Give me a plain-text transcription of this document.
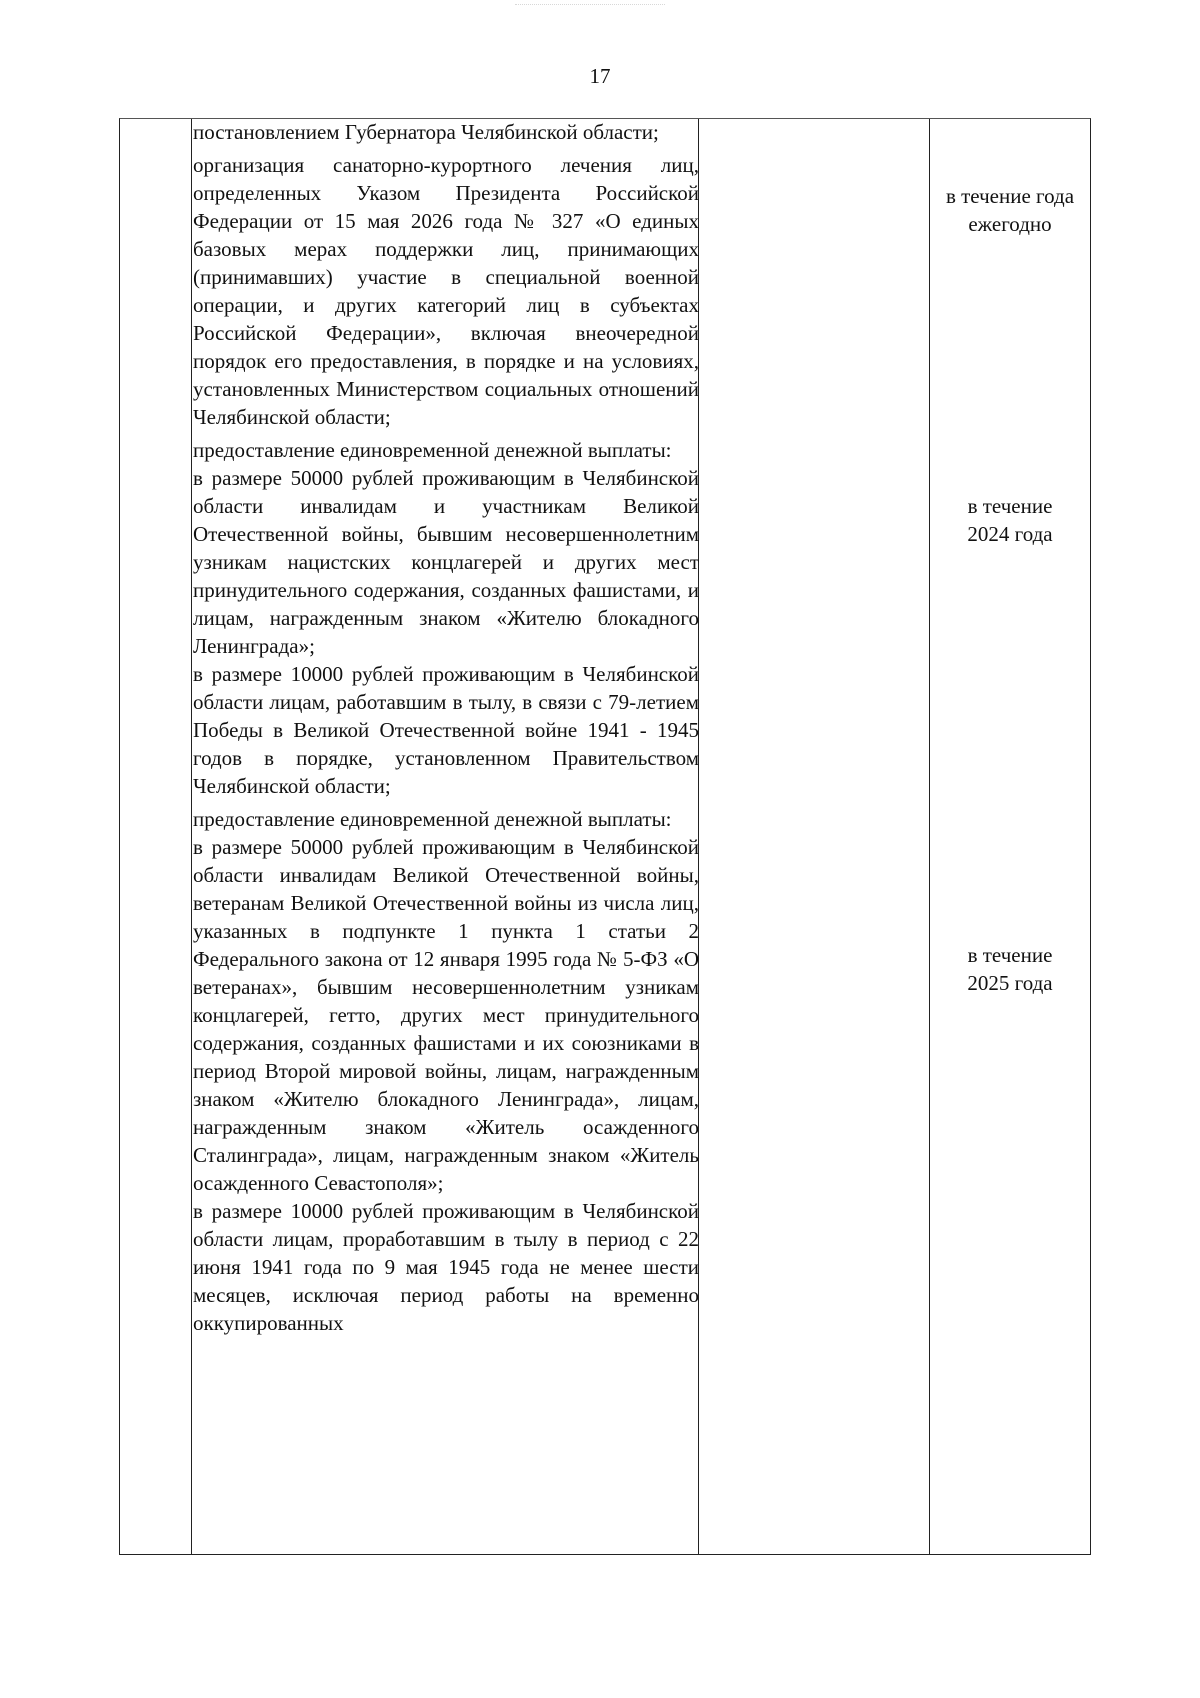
17

постановлением Губернатора Челябинской области;

организация санаторно-курортного лечения лиц, определенных Указом Президента Российской Федерации от 15 мая 2026 года № 327 «О единых базовых мерах поддержки лиц, принимающих (принимавших) участие в специальной военной операции, и других категорий лиц в субъектах Российской Федерации», включая внеочередной порядок его предоставления, в порядке и на условиях, установленных Министерством социальных отношений Челябинской области;

предоставление единовременной денежной выплаты:

в размере 50000 рублей проживающим в Челябинской области инвалидам и участникам Великой Отечественной войны, бывшим несовершеннолетним узникам нацистских концлагерей и других мест принудительного содержания, созданных фашистами, и лицам, награжденным знаком «Жителю блокадного Ленинграда»;

в размере 10000 рублей проживающим в Челябинской области лицам, работавшим в тылу, в связи с 79-летием Победы в Великой Отечественной войне 1941 - 1945 годов в порядке, установленном Правительством Челябинской области;

предоставление единовременной денежной выплаты:

в размере 50000 рублей проживающим в Челябинской области инвалидам Великой Отечественной войны, ветеранам Великой Отечественной войны из числа лиц, указанных в подпункте 1 пункта 1 статьи 2 Федерального закона от 12 января 1995 года № 5-ФЗ «О ветеранах», бывшим несовершеннолетним узникам концлагерей, гетто, других мест принудительного содержания, созданных фашистами и их союзниками в период Второй мировой войны, лицам, награжденным знаком «Жителю блокадного Ленинграда», лицам, награжденным знаком «Житель осажденного Сталинграда», лицам, награжденным знаком «Житель осажденного Севастополя»;

в размере 10000 рублей проживающим в Челябинской области лицам, проработавшим в тылу в период с 22 июня 1941 года по 9 мая 1945 года не менее шести месяцев, исключая период работы на временно оккупированных

в течение года
ежегодно
в течение
2024 года
в течение
2025 года
